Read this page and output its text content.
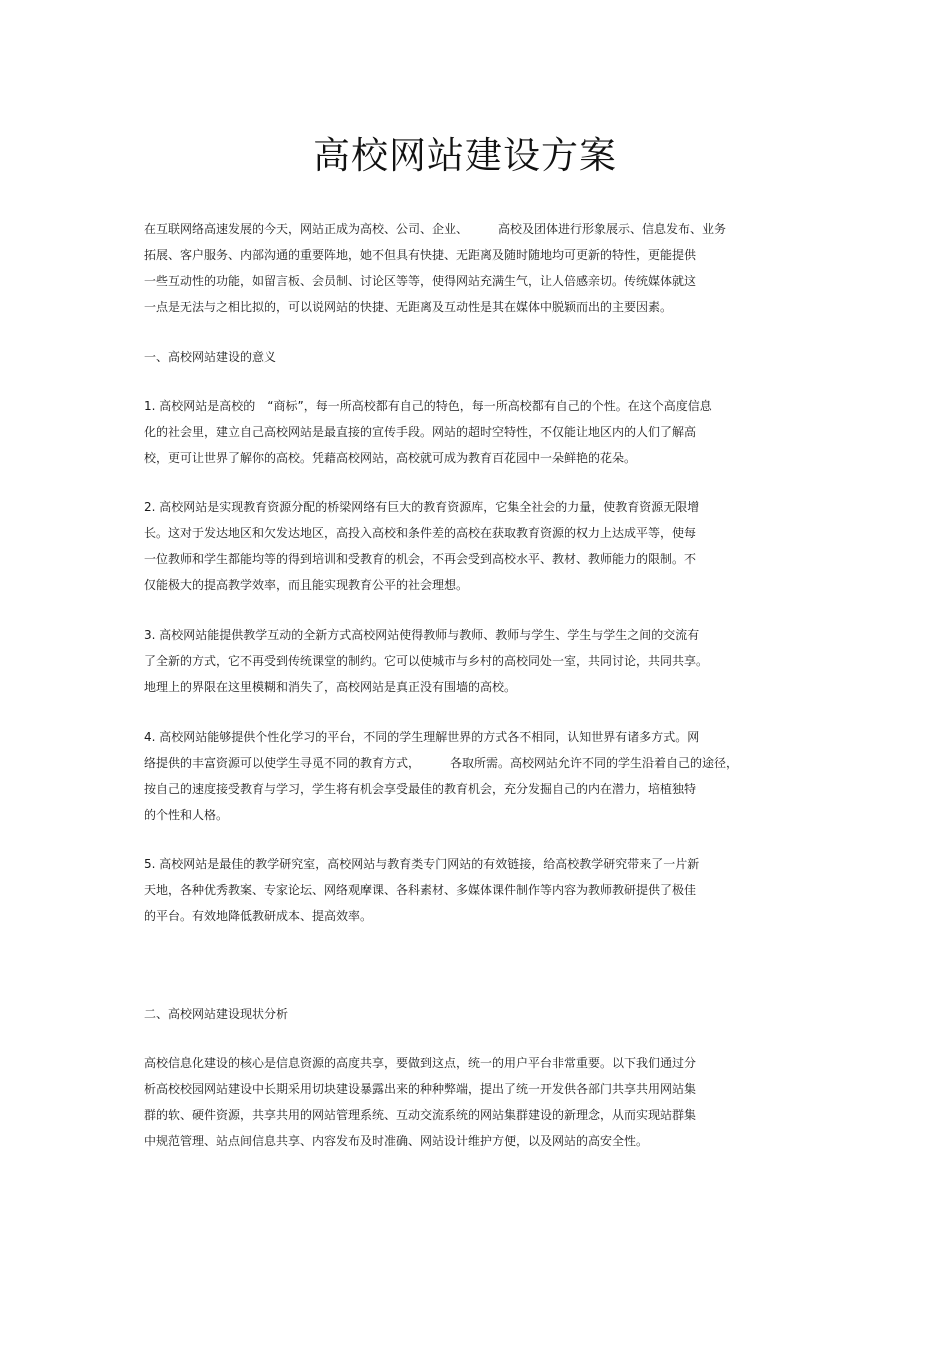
高校网站建设方案
在互联网络高速发展的今天，网站正成为高校、公司、企业、　　　高校及团体进行形象展示、信息发布、业务
拓展、客户服务、内部沟通的重要阵地，她不但具有快捷、无距离及随时随地均可更新的特性，更能提供
一些互动性的功能，如留言板、会员制、讨论区等等，使得网站充满生气，让人倍感亲切。传统媒体就这
一点是无法与之相比拟的，可以说网站的快捷、无距离及互动性是其在媒体中脱颖而出的主要因素。
一、高校网站建设的意义
1. 高校网站是高校的　“商标”，每一所高校都有自己的特色，每一所高校都有自己的个性。在这个高度信息
化的社会里，建立自己高校网站是最直接的宣传手段。网站的超时空特性，不仅能让地区内的人们了解高
校，更可让世界了解你的高校。凭藉高校网站，高校就可成为教育百花园中一朵鲜艳的花朵。
2. 高校网站是实现教育资源分配的桥梁网络有巨大的教育资源库，它集全社会的力量，使教育资源无限增
长。这对于发达地区和欠发达地区，高投入高校和条件差的高校在获取教育资源的权力上达成平等，使每
一位教师和学生都能均等的得到培训和受教育的机会，不再会受到高校水平、教材、教师能力的限制。不
仅能极大的提高教学效率，而且能实现教育公平的社会理想。
3. 高校网站能提供教学互动的全新方式高校网站使得教师与教师、教师与学生、学生与学生之间的交流有
了全新的方式，它不再受到传统课堂的制约。它可以使城市与乡村的高校同处一室，共同讨论，共同共享。
地理上的界限在这里模糊和消失了，高校网站是真正没有围墙的高校。
4. 高校网站能够提供个性化学习的平台，不同的学生理解世界的方式各不相同，认知世界有诸多方式。网
络提供的丰富资源可以使学生寻觅不同的教育方式，　　　各取所需。高校网站允许不同的学生沿着自己的途径，
按自己的速度接受教育与学习，学生将有机会享受最佳的教育机会，充分发掘自己的内在潜力，培植独特
的个性和人格。
5. 高校网站是最佳的教学研究室，高校网站与教育类专门网站的有效链接，给高校教学研究带来了一片新
天地，各种优秀教案、专家论坛、网络观摩课、各科素材、多媒体课件制作等内容为教师教研提供了极佳
的平台。有效地降低教研成本、提高效率。
二、高校网站建设现状分析
高校信息化建设的核心是信息资源的高度共享，要做到这点，统一的用户平台非常重要。以下我们通过分
析高校校园网站建设中长期采用切块建设暴露出来的种种弊端，提出了统一开发供各部门共享共用网站集
群的软、硬件资源，共享共用的网站管理系统、互动交流系统的网站集群建设的新理念，从而实现站群集
中规范管理、站点间信息共享、内容发布及时准确、网站设计维护方便，以及网站的高安全性。
